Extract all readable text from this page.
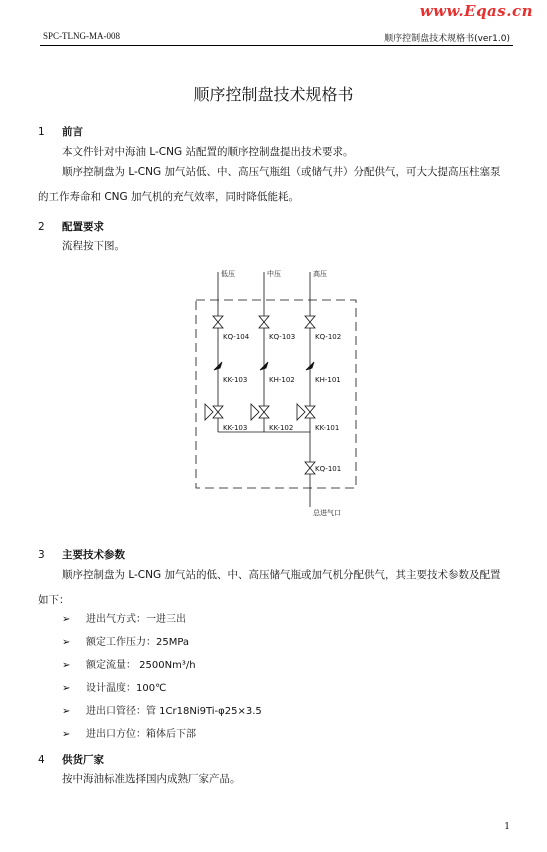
www.Eqas.cn
SPC-TLNG-MA-008	顺序控制盘技术规格书(ver1.0)
顺序控制盘技术规格书
1 前言
本文件针对中海油 L-CNG 站配置的顺序控制盘提出技术要求。
顺序控制盘为 L-CNG 加气站低、中、高压气瓶组（或储气井）分配供气，可大大提高压柱塞泵的工作寿命和 CNG 加气机的充气效率，同时降低能耗。
2 配置要求
流程按下图。
低压	中压	高压
KQ-104	KQ-103	KQ-102
KK-103	KH-102	KH-101
KK-103	KK-102	KK-101
KQ-101
总进气口
3 主要技术参数
顺序控制盘为 L-CNG 加气站的低、中、高压储气瓶或加气机分配供气，其主要技术参数及配置如下：
➢ 进出气方式：一进三出
➢ 额定工作压力：25MPa
➢ 额定流量： 2500Nm³/h
➢ 设计温度：100℃
➢ 进出口管径：管 1Cr18Ni9Ti-φ25×3.5
➢ 进出口方位：箱体后下部
4 供货厂家
按中海油标准选择国内成熟厂家产品。
1
